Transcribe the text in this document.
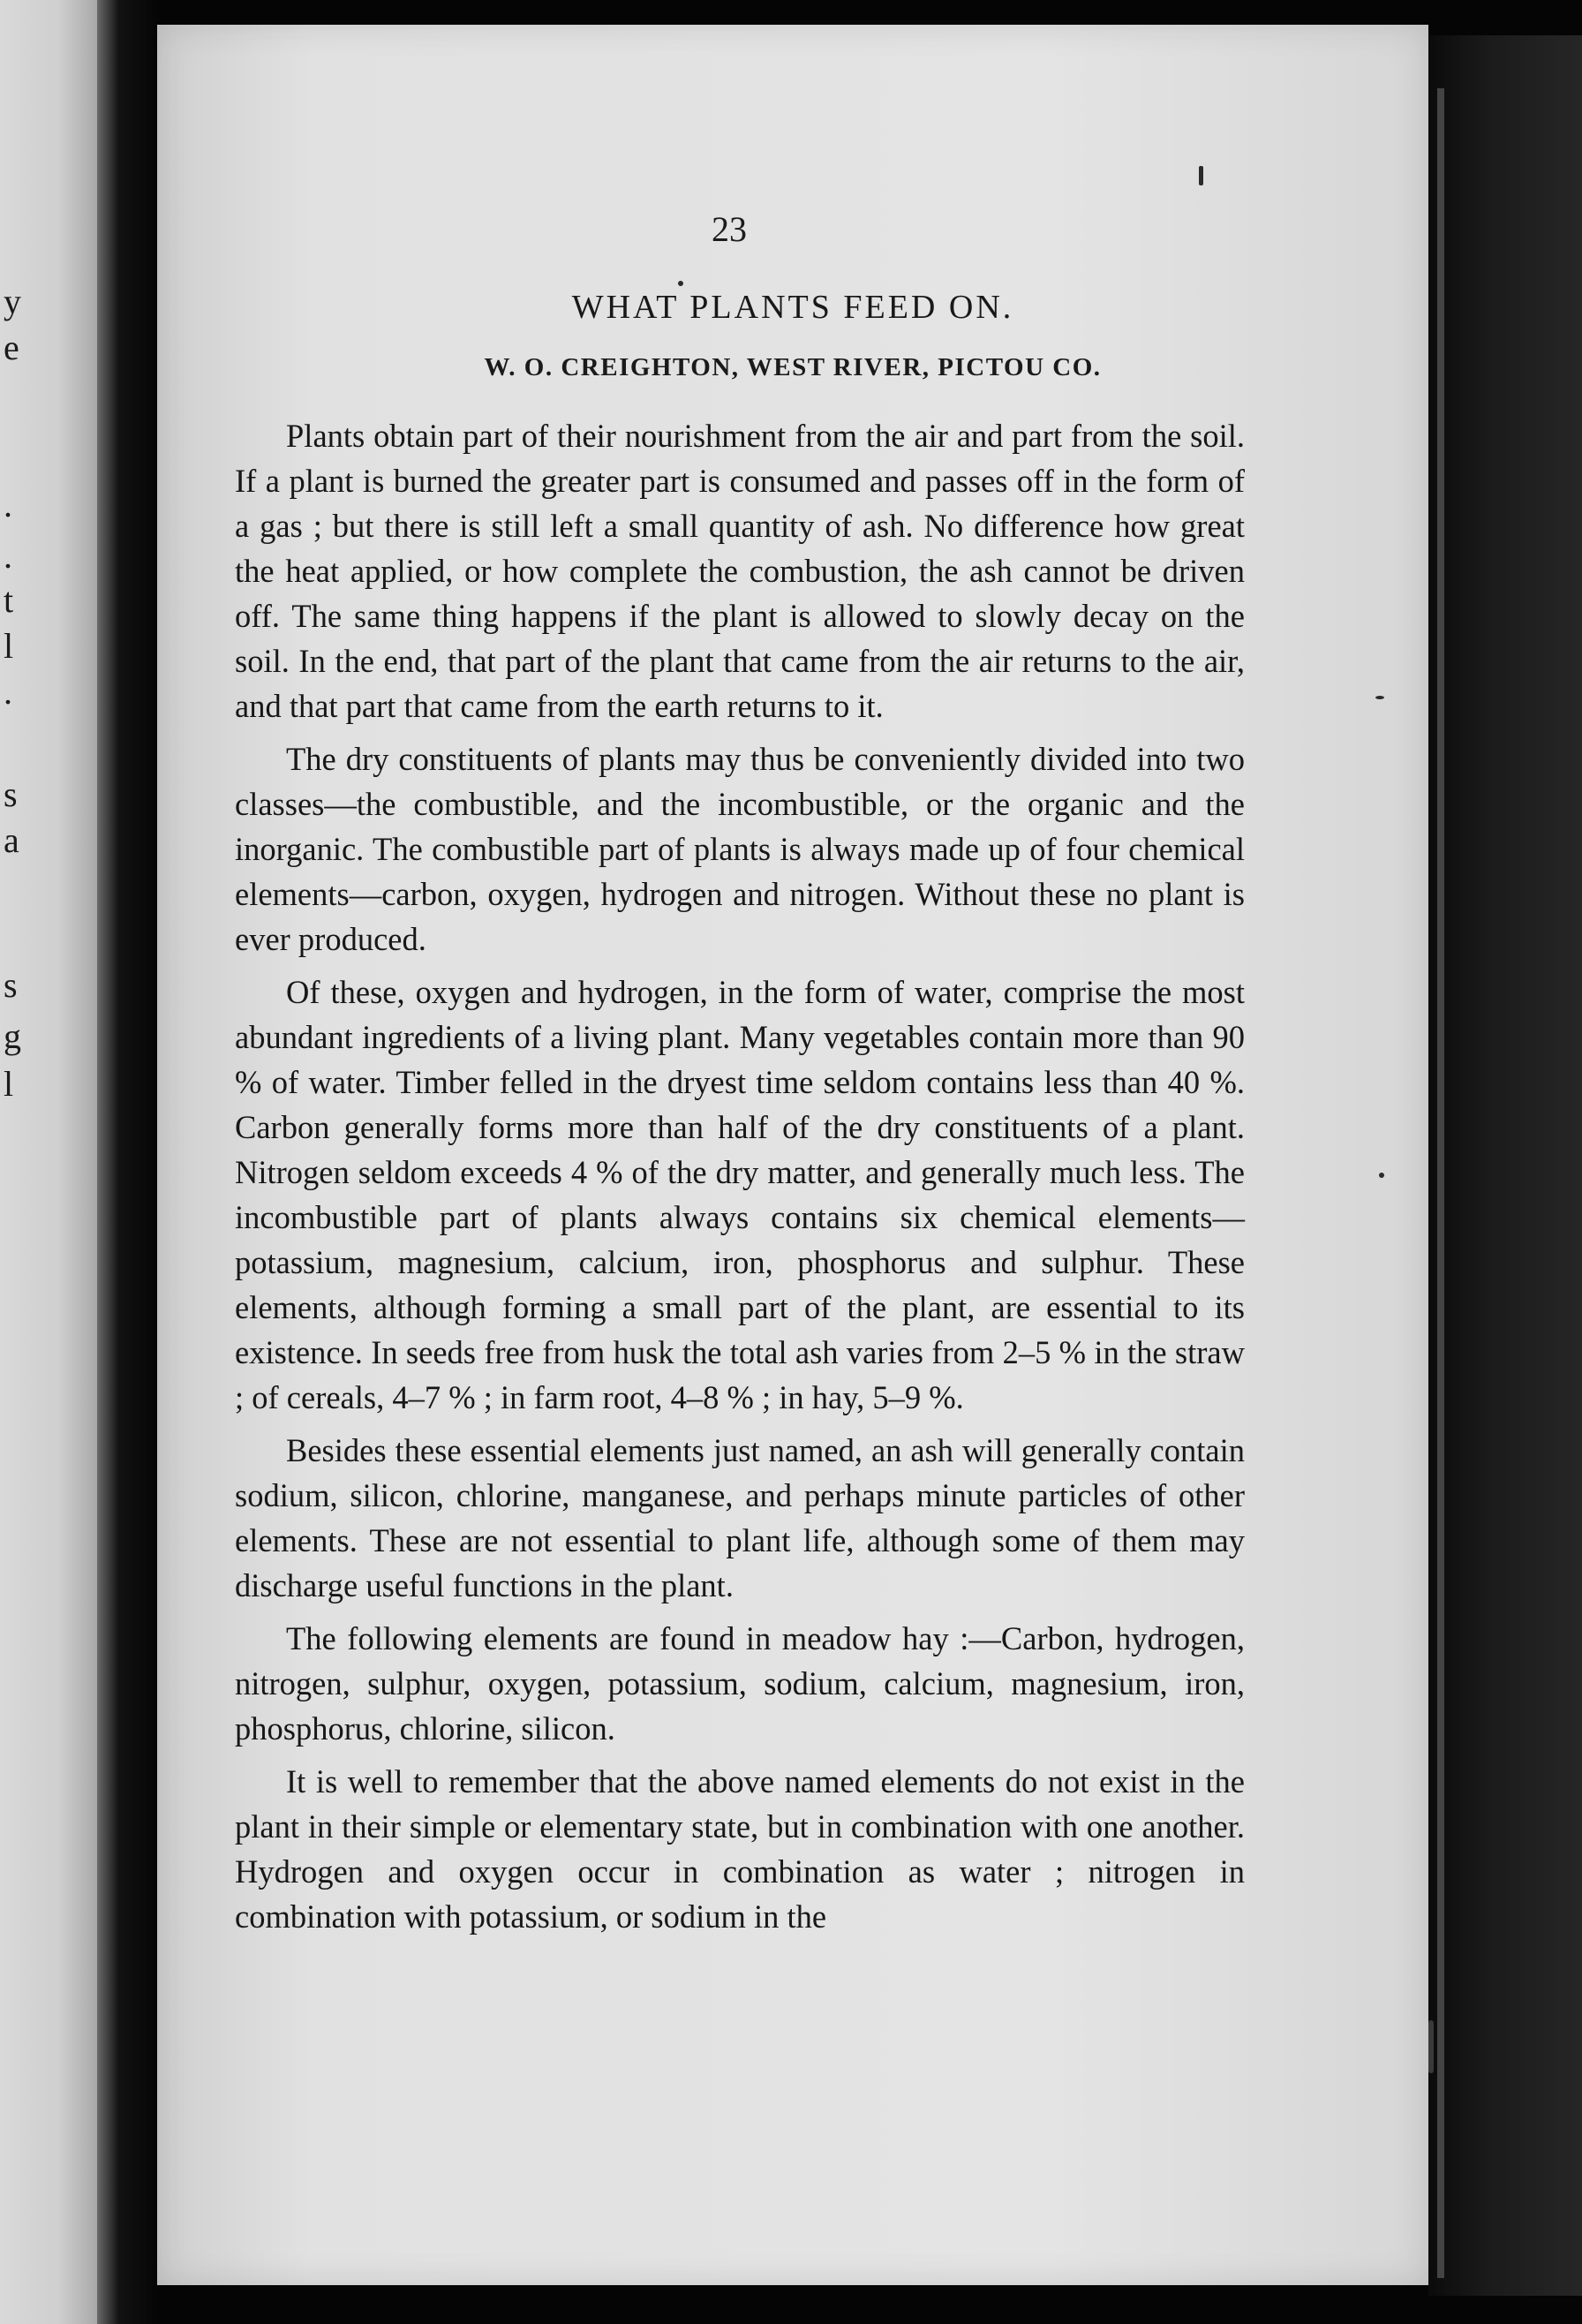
y
e
.
.
t
l
.
s
a
s
g
l
23
WHAT PLANTS FEED ON.
W. O. CREIGHTON, WEST RIVER, PICTOU CO.

Plants obtain part of their nourishment from the air and part from the soil. If a plant is burned the greater part is consumed and passes off in the form of a gas ; but there is still left a small quantity of ash. No difference how great the heat applied, or how complete the combustion, the ash cannot be driven off. The same thing happens if the plant is allowed to slowly decay on the soil. In the end, that part of the plant that came from the air returns to the air, and that part that came from the earth returns to it.

The dry constituents of plants may thus be conveniently divided into two classes—the combustible, and the incombustible, or the organic and the inorganic. The combustible part of plants is always made up of four chemical elements—carbon, oxygen, hydrogen and nitrogen. Without these no plant is ever produced.

Of these, oxygen and hydrogen, in the form of water, comprise the most abundant ingredients of a living plant. Many vegetables contain more than 90 % of water. Timber felled in the dryest time seldom contains less than 40 %. Carbon generally forms more than half of the dry constituents of a plant. Nitrogen seldom exceeds 4 % of the dry matter, and generally much less. The incombustible part of plants always contains six chemical elements—potassium, magnesium, calcium, iron, phosphorus and sulphur. These elements, although forming a small part of the plant, are essential to its existence. In seeds free from husk the total ash varies from 2–5 % in the straw ; of cereals, 4–7 % ; in farm root, 4–8 % ; in hay, 5–9 %.

Besides these essential elements just named, an ash will generally contain sodium, silicon, chlorine, manganese, and perhaps minute particles of other elements. These are not essential to plant life, although some of them may discharge useful functions in the plant.

The following elements are found in meadow hay :—Carbon, hydrogen, nitrogen, sulphur, oxygen, potassium, sodium, calcium, magnesium, iron, phosphorus, chlorine, silicon.

It is well to remember that the above named elements do not exist in the plant in their simple or elementary state, but in combination with one another. Hydrogen and oxygen occur in combination as water ; nitrogen in combination with potassium, or sodium in the
